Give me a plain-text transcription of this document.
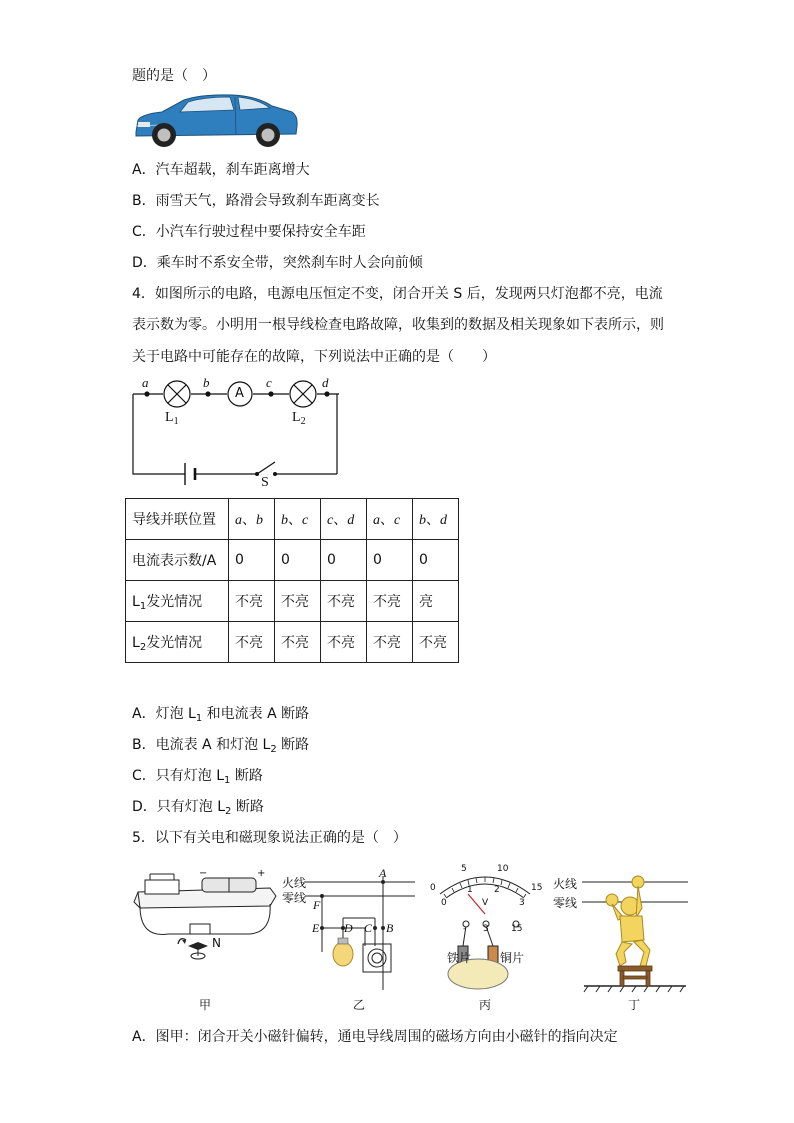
题的是（　）
A．汽车超载，刹车距离增大
B．雨雪天气，路滑会导致刹车距离变长
C．小汽车行驶过程中要保持安全车距
D．乘车时不系安全带，突然刹车时人会向前倾
4．如图所示的电路，电源电压恒定不变，闭合开关 S 后，发现两只灯泡都不亮，电流
表示数为零。小明用一根导线检查电路故障，收集到的数据及相关现象如下表所示，则
关于电路中可能存在的故障，下列说法中正确的是（　　）
a	b	c	d
A
$L_1$	$L_2$
S
导线并联位置	a、b	b、c	c、d	a、c	b、d
电流表示数/A	0	0	0	0	0
$L_1$发光情况	不亮	不亮	不亮	不亮	亮
$L_2$发光情况	不亮	不亮	不亮	不亮	不亮
A．灯泡 $L_1$ 和电流表 A 断路
B．电流表 A 和灯泡 $L_2$ 断路
C．只有灯泡 $L_1$ 断路
D．只有灯泡 $L_2$ 断路
5．以下有关电和磁现象说法正确的是（　）
−	+
N
甲
火线
零线
A
F
E D C B
乙
5	10
0
0
15
3
1 2
V
- 3 15
铁片 铜片
丙
火线
零线
丁
A．图甲：闭合开关小磁针偏转，通电导线周围的磁场方向由小磁针的指向决定
